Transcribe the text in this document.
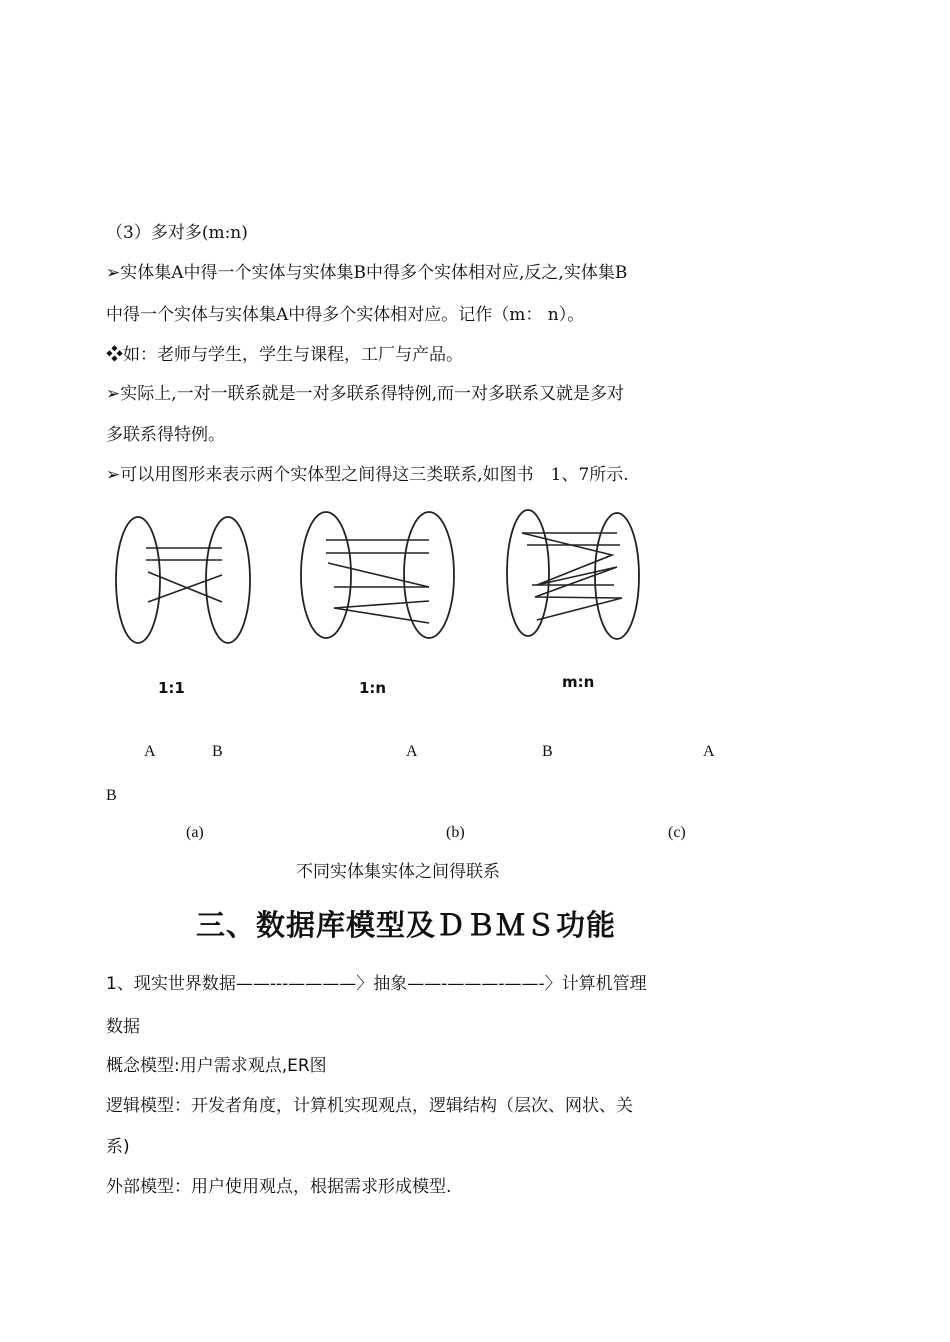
（3）多对多(m:n)
➢实体集A中得一个实体与实体集B中得多个实体相对应,反之,实体集B
中得一个实体与实体集A中得多个实体相对应。记作（m： n）。
❖如：老师与学生，学生与课程，工厂与产品。
➢实际上,一对一联系就是一对多联系得特例,而一对多联系又就是多对
多联系得特例。
➢可以用图形来表示两个实体型之间得这三类联系,如图书　1、7所示.
1:1	1:n	m:n
A	B	A	B	A
B
(a)	(b)	(c)
不同实体集实体之间得联系
三、数据库模型及ＤＢＭＳ功能
1、现实世界数据——---————〉抽象——-———-——-〉计算机管理
数据
概念模型:用户需求观点,ER图
逻辑模型：开发者角度，计算机实现观点，逻辑结构（层次、网状、关
系)
外部模型：用户使用观点，根据需求形成模型.
